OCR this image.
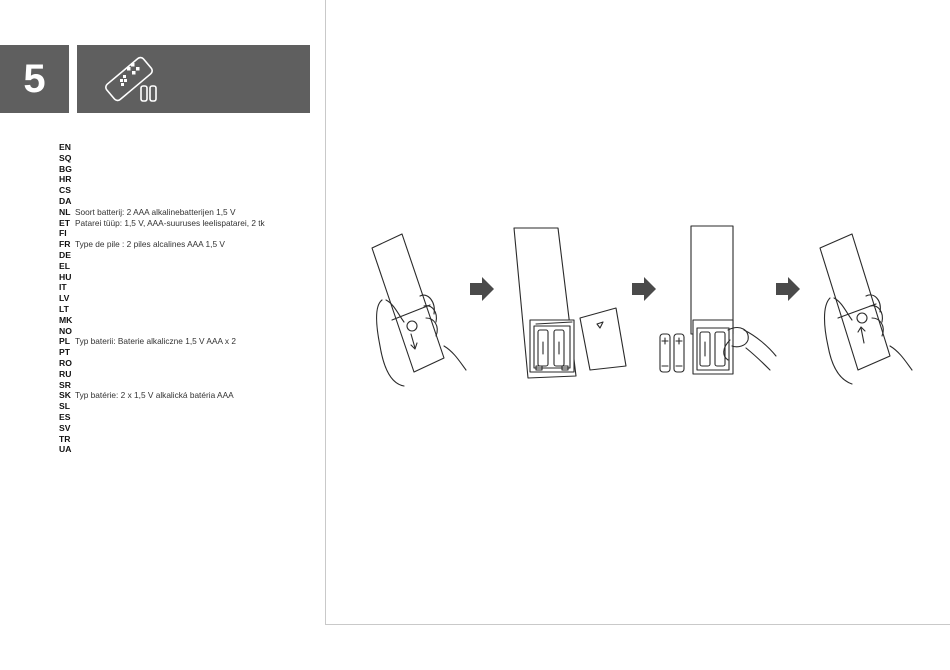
5
EN
SQ
BG
HR
CS
DA
NL Soort batterij: 2 AAA alkalinebatterijen 1,5 V
ET Patarei tüüp: 1,5 V, AAA-suuruses leelispatarei, 2 tk
FI
FR Type de pile : 2 piles alcalines AAA 1,5 V
DE
EL
HU
IT
LV
LT
MK
NO
PL Typ baterii: Baterie alkaliczne 1,5 V AAA x 2
PT
RO
RU
SR
SK Typ batérie: 2 x 1,5 V alkalická batéria AAA
SL
ES
SV
TR
UA
